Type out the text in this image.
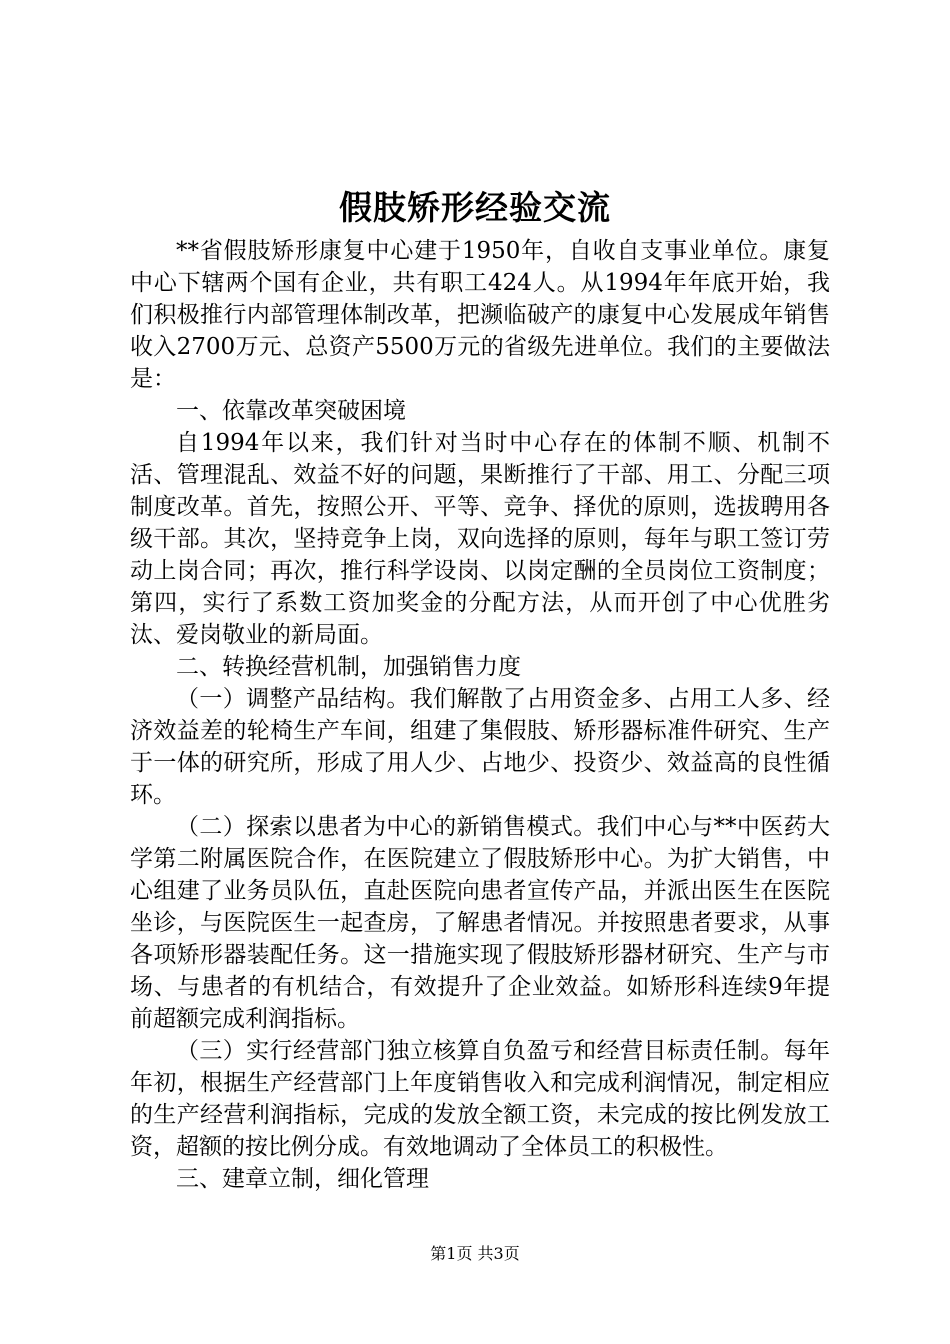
假肢矫形经验交流

**省假肢矫形康复中心建于1950年，自收自支事业单位。康复中心下辖两个国有企业，共有职工424人。从1994年年底开始，我们积极推行内部管理体制改革，把濒临破产的康复中心发展成年销售收入2700万元、总资产5500万元的省级先进单位。我们的主要做法是：

一、依靠改革突破困境

自1994年以来，我们针对当时中心存在的体制不顺、机制不活、管理混乱、效益不好的问题，果断推行了干部、用工、分配三项制度改革。首先，按照公开、平等、竞争、择优的原则，选拔聘用各级干部。其次，坚持竞争上岗，双向选择的原则，每年与职工签订劳动上岗合同；再次，推行科学设岗、以岗定酬的全员岗位工资制度；第四，实行了系数工资加奖金的分配方法，从而开创了中心优胜劣汰、爱岗敬业的新局面。

二、转换经营机制，加强销售力度

（一）调整产品结构。我们解散了占用资金多、占用工人多、经济效益差的轮椅生产车间，组建了集假肢、矫形器标准件研究、生产于一体的研究所，形成了用人少、占地少、投资少、效益高的良性循环。

（二）探索以患者为中心的新销售模式。我们中心与**中医药大学第二附属医院合作，在医院建立了假肢矫形中心。为扩大销售，中心组建了业务员队伍，直赴医院向患者宣传产品，并派出医生在医院坐诊，与医院医生一起查房，了解患者情况。并按照患者要求，从事各项矫形器装配任务。这一措施实现了假肢矫形器材研究、生产与市场、与患者的有机结合，有效提升了企业效益。如矫形科连续9年提前超额完成利润指标。

（三）实行经营部门独立核算自负盈亏和经营目标责任制。每年年初，根据生产经营部门上年度销售收入和完成利润情况，制定相应的生产经营利润指标，完成的发放全额工资，未完成的按比例发放工资，超额的按比例分成。有效地调动了全体员工的积极性。

三、建章立制，细化管理

第1页 共3页
